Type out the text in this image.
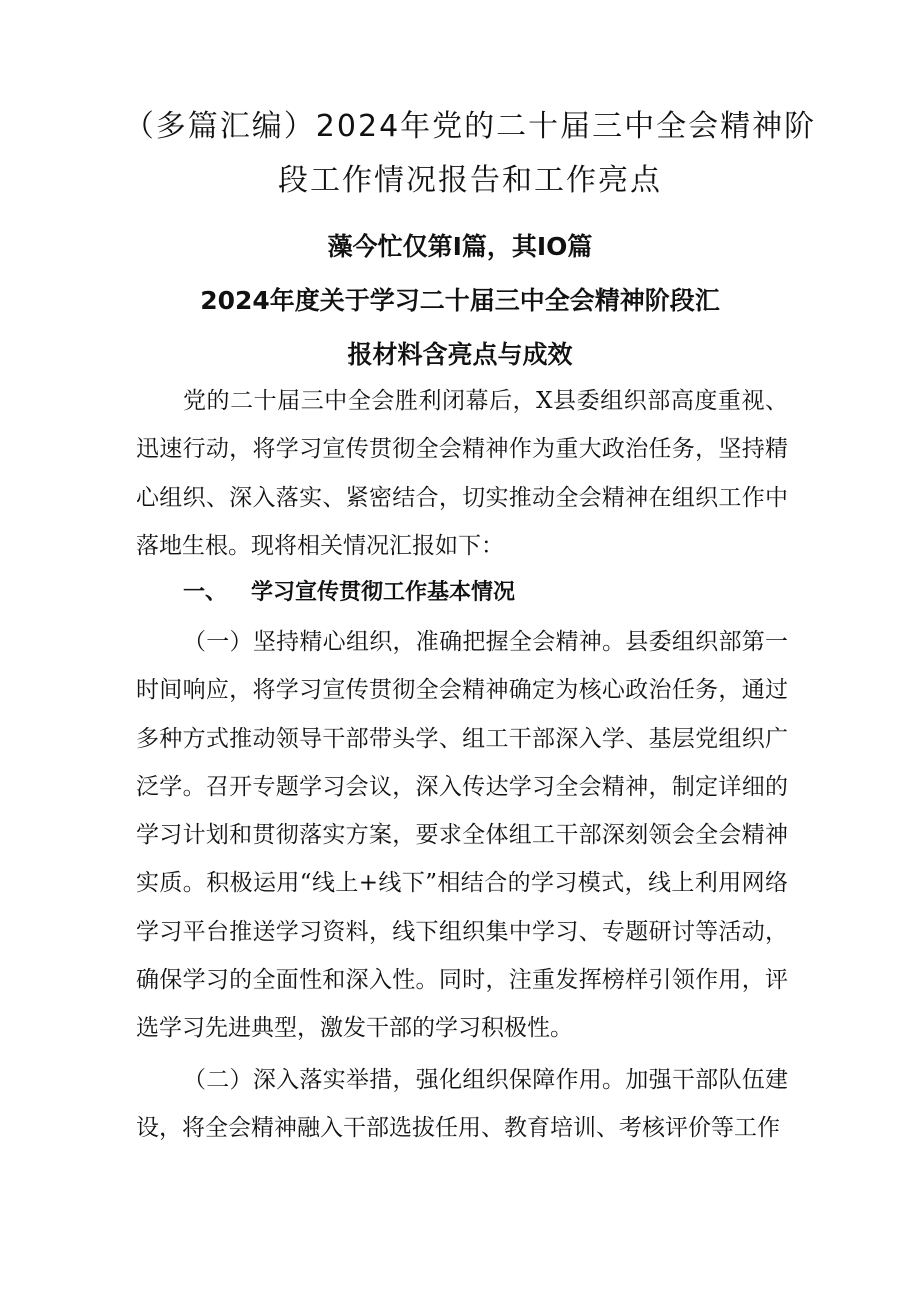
（多篇汇编）2024年党的二十届三中全会精神阶段工作情况报告和工作亮点
藻今忙仅第I篇，其IO篇
2024年度关于学习二十届三中全会精神阶段汇
报材料含亮点与成效

党的二十届三中全会胜利闭幕后，X县委组织部高度重视、迅速行动，将学习宣传贯彻全会精神作为重大政治任务，坚持精心组织、深入落实、紧密结合，切实推动全会精神在组织工作中落地生根。现将相关情况汇报如下：

一、 学习宣传贯彻工作基本情况

（一）坚持精心组织，准确把握全会精神。县委组织部第一时间响应，将学习宣传贯彻全会精神确定为核心政治任务，通过多种方式推动领导干部带头学、组工干部深入学、基层党组织广泛学。召开专题学习会议，深入传达学习全会精神，制定详细的学习计划和贯彻落实方案，要求全体组工干部深刻领会全会精神实质。积极运用“线上+线下”相结合的学习模式，线上利用网络学习平台推送学习资料，线下组织集中学习、专题研讨等活动，确保学习的全面性和深入性。同时，注重发挥榜样引领作用，评选学习先进典型，激发干部的学习积极性。

（二）深入落实举措，强化组织保障作用。加强干部队伍建设，将全会精神融入干部选拔任用、教育培训、考核评价等工作
